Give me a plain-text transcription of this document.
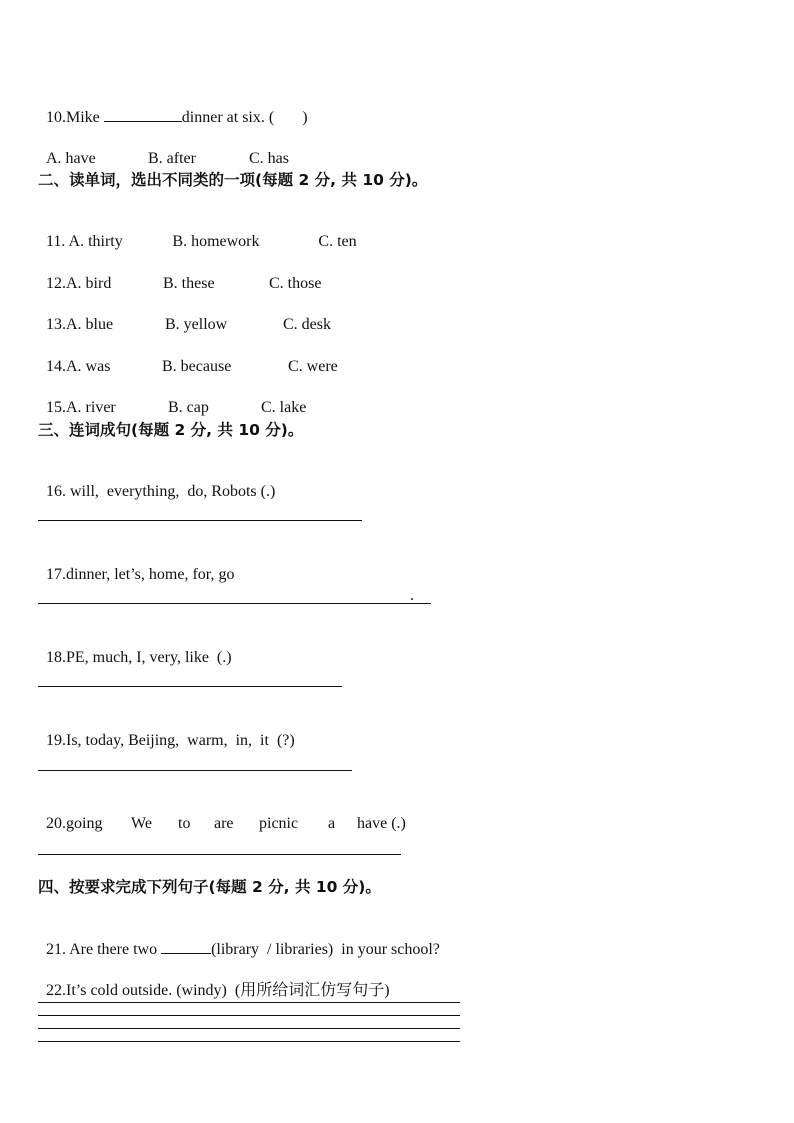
10.Mike	dinner at six. ( )

A. have	B. after	C. has

二、读单词，选出不同类的一项(每题 2 分, 共 10 分)。

11. A. thirty	B. homework	C. ten

12.A. bird	B. these	C. those

13.A. blue	B. yellow	C. desk

14.A. was	B. because	C. were

15.A. river	B. cap	C. lake

三、连词成句(每题 2 分, 共 10 分)。

16. will,  everything,  do, Robots (.)

17.dinner, let’s, home, for, go

.

18.PE, much, I, very, like  (.)

19.Is, today, Beijing,  warm,  in,  it  (?)

20.going We to are picnic a have (.)

四、按要求完成下列句子(每题 2 分, 共 10 分)。

21. Are there two	(library  / libraries)  in your school?

22.It’s cold outside. (windy)  (用所给词汇仿写句子)
